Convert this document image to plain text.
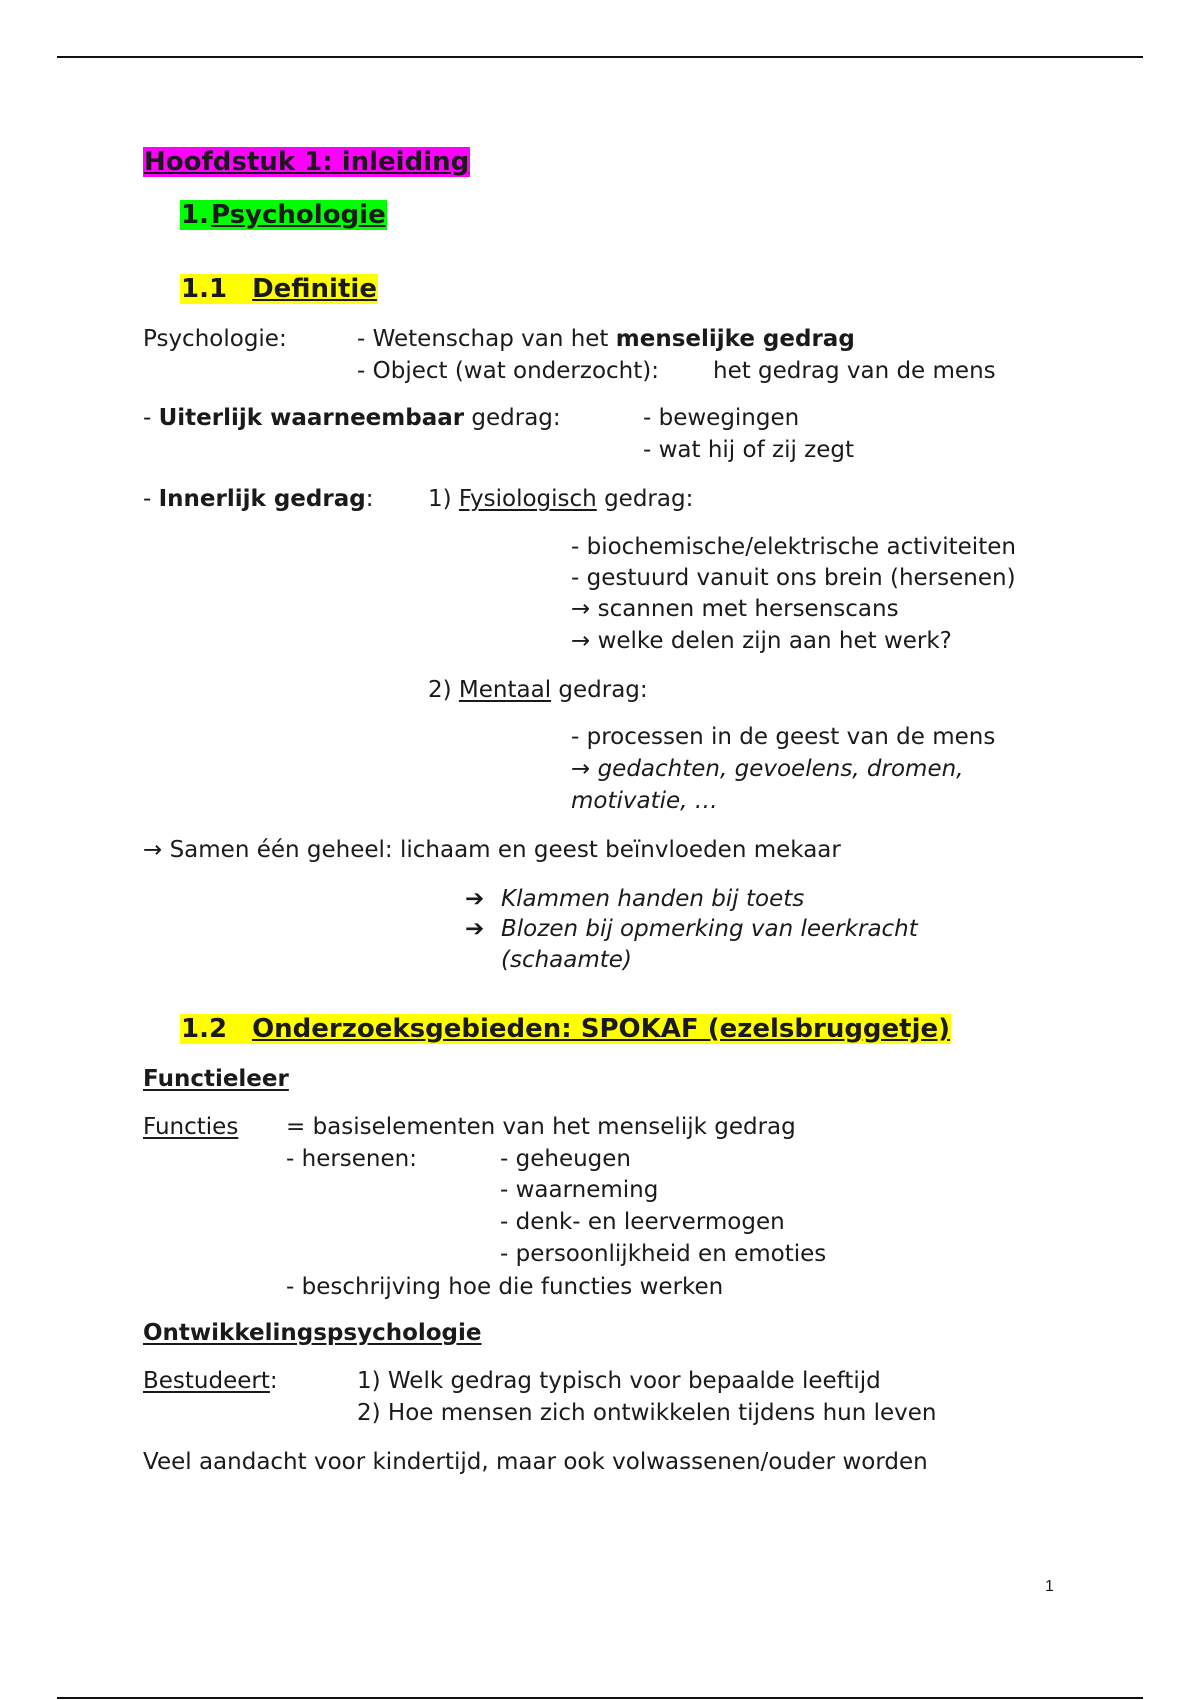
Hoofdstuk 1: inleiding
1.Psychologie
1.1 Definitie
Psychologie:	- Wetenschap van het menselijke gedrag
- Object (wat onderzocht): het gedrag van de mens
- Uiterlijk waarneembaar gedrag:	- bewegingen
- wat hij of zij zegt
- Innerlijk gedrag: 1) Fysiologisch gedrag:
- biochemische/elektrische activiteiten
- gestuurd vanuit ons brein (hersenen)
→ scannen met hersenscans
→ welke delen zijn aan het werk?
2) Mentaal gedrag:
- processen in de geest van de mens
→ gedachten, gevoelens, dromen,
motivatie, …
→ Samen één geheel: lichaam en geest beïnvloeden mekaar
➔ Klammen handen bij toets
➔ Blozen bij opmerking van leerkracht
(schaamte)
1.2 Onderzoeksgebieden: SPOKAF (ezelsbruggetje)
Functieleer
Functies = basiselementen van het menselijk gedrag
- hersenen:	- geheugen
- waarneming
- denk- en leervermogen
- persoonlijkheid en emoties
- beschrijving hoe die functies werken
Ontwikkelingspsychologie
Bestudeert:	1) Welk gedrag typisch voor bepaalde leeftijd
2) Hoe mensen zich ontwikkelen tijdens hun leven
Veel aandacht voor kindertijd, maar ook volwassenen/ouder worden
1
